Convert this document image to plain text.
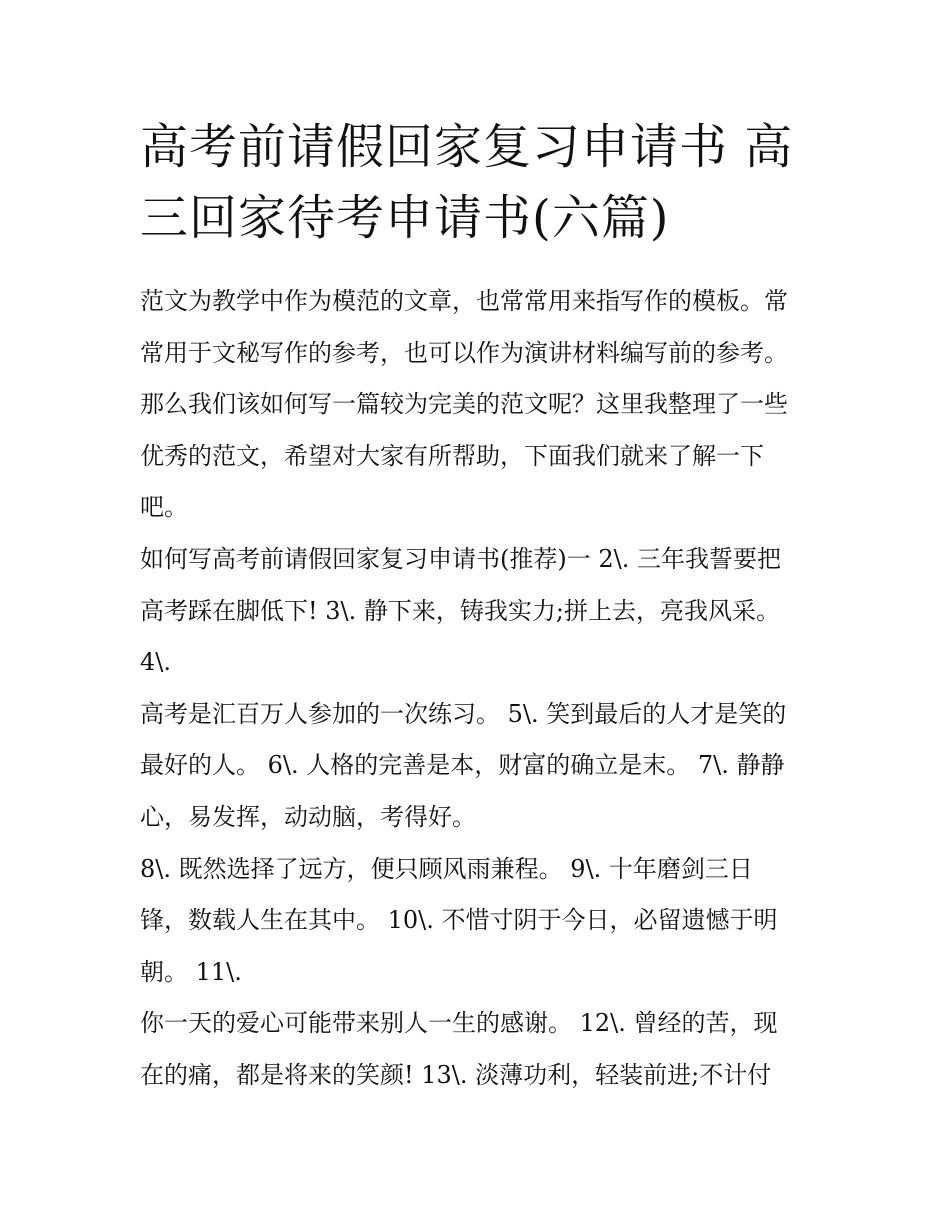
高考前请假回家复习申请书 高
三回家待考申请书(六篇)
范文为教学中作为模范的文章，也常常用来指写作的模板。常
常用于文秘写作的参考，也可以作为演讲材料编写前的参考。
那么我们该如何写一篇较为完美的范文呢？这里我整理了一些
优秀的范文，希望对大家有所帮助，下面我们就来了解一下
吧。
如何写高考前请假回家复习申请书(推荐)一 2\. 三年我誓要把
高考踩在脚低下! 3\. 静下来，铸我实力;拼上去，亮我风采。
4\.
高考是汇百万人参加的一次练习。 5\. 笑到最后的人才是笑的
最好的人。 6\. 人格的完善是本，财富的确立是末。 7\. 静静
心，易发挥，动动脑，考得好。
8\. 既然选择了远方，便只顾风雨兼程。 9\. 十年磨剑三日
锋，数载人生在其中。 10\. 不惜寸阴于今日，必留遗憾于明
朝。 11\.
你一天的爱心可能带来别人一生的感谢。 12\. 曾经的苦，现
在的痛，都是将来的笑颜! 13\. 淡薄功利，轻装前进;不计付
